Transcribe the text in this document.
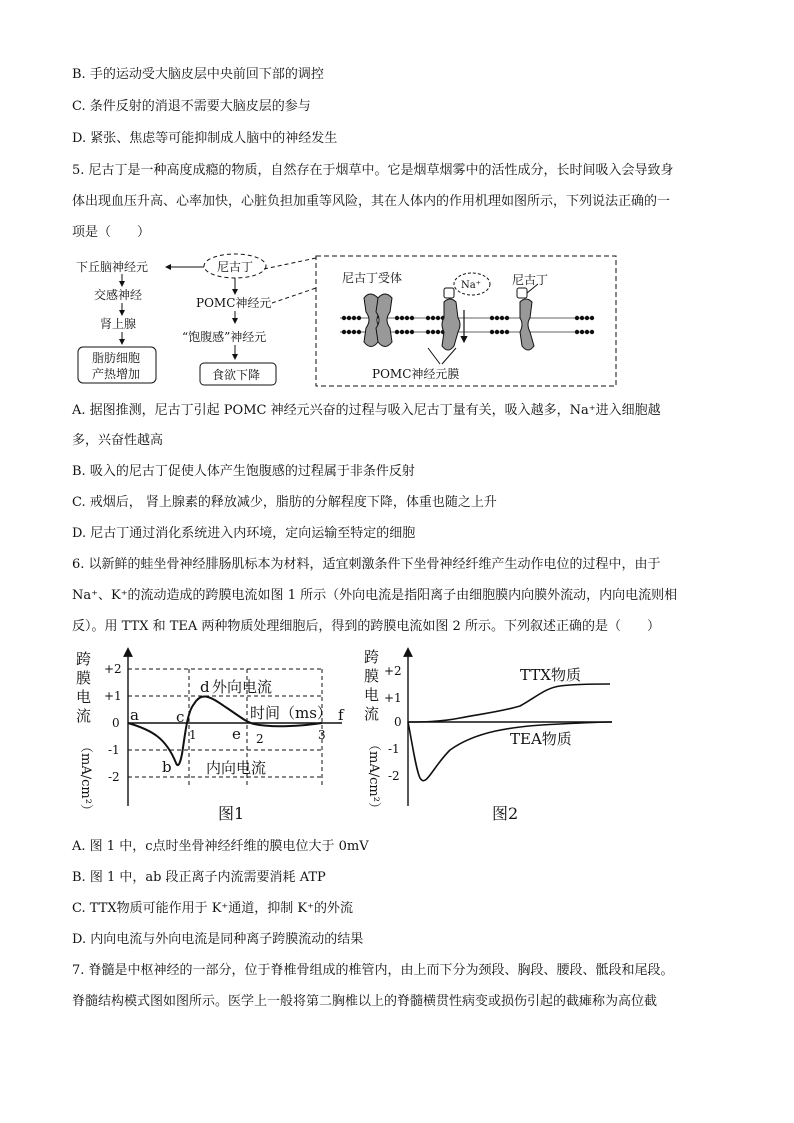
B. 手的运动受大脑皮层中央前回下部的调控
C. 条件反射的消退不需要大脑皮层的参与
D. 紧张、焦虑等可能抑制成人脑中的神经发生
5. 尼古丁是一种高度成瘾的物质，自然存在于烟草中。它是烟草烟雾中的活性成分，长时间吸入会导致身
体出现血压升高、心率加快，心脏负担加重等风险，其在人体内的作用机理如图所示，下列说法正确的一
项是（　　）
下丘脑神经元	尼古丁
交感神经
肾上腺
脂肪细胞
产热增加
POMC神经元
“饱腹感”神经元
食欲下降
尼古丁受体
Na⁺	尼古丁
POMC神经元膜
A. 据图推测，尼古丁引起 POMC 神经元兴奋的过程与吸入尼古丁量有关，吸入越多，Na⁺进入细胞越
多，兴奋性越高
B. 吸入的尼古丁促使人体产生饱腹感的过程属于非条件反射
C. 戒烟后， 肾上腺素的释放减少，脂肪的分解程度下降，体重也随之上升
D. 尼古丁通过消化系统进入内环境，定向运输至特定的细胞
6. 以新鲜的蛙坐骨神经腓肠肌标本为材料，适宜刺激条件下坐骨神经纤维产生动作电位的过程中，由于
Na⁺、K⁺的流动造成的跨膜电流如图 1 所示（外向电流是指阳离子由细胞膜内向膜外流动，内向电流则相
反）。用 TTX 和 TEA 两种物质处理细胞后，得到的跨膜电流如图 2 所示。下列叙述正确的是（　　）
跨
膜
电
流
（mA/cm²）
+2
+1
0
-1
-2
1	2	3
a
b
c
d
e
f
外向电流
内向电流
时间（ms）
图1
跨
膜
电
流
（mA/cm²）
+2
+1
0
-1
-2
TTX物质
TEA物质
图2
A. 图 1 中，c点时坐骨神经纤维的膜电位大于 0mV
B. 图 1 中，ab 段正离子内流需要消耗 ATP
C. TTX物质可能作用于 K⁺通道，抑制 K⁺的外流
D. 内向电流与外向电流是同种离子跨膜流动的结果
7. 脊髓是中枢神经的一部分，位于脊椎骨组成的椎管内，由上而下分为颈段、胸段、腰段、骶段和尾段。
脊髓结构模式图如图所示。医学上一般将第二胸椎以上的脊髓横贯性病变或损伤引起的截瘫称为高位截
